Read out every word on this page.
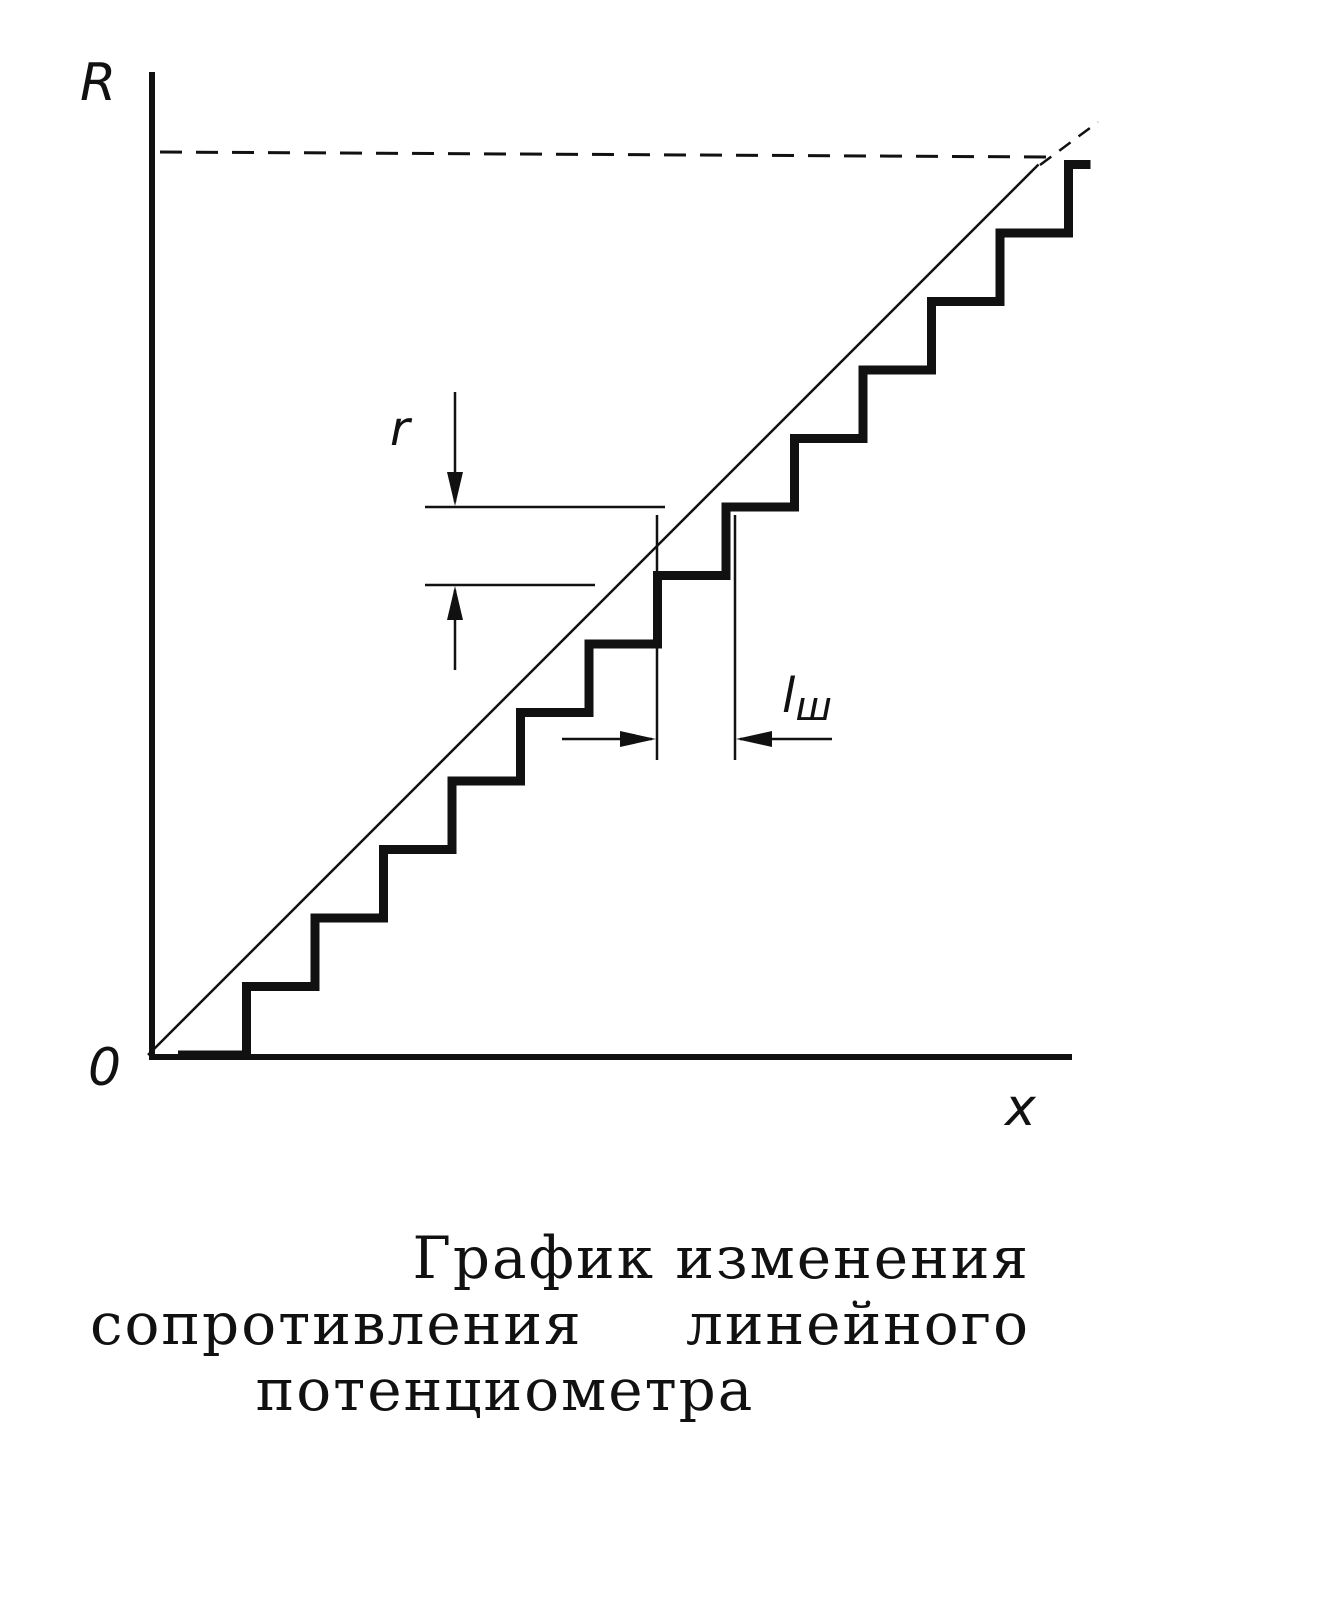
R
0
x
r
lш
График изменения
сопротивления линейного
потенциометра
